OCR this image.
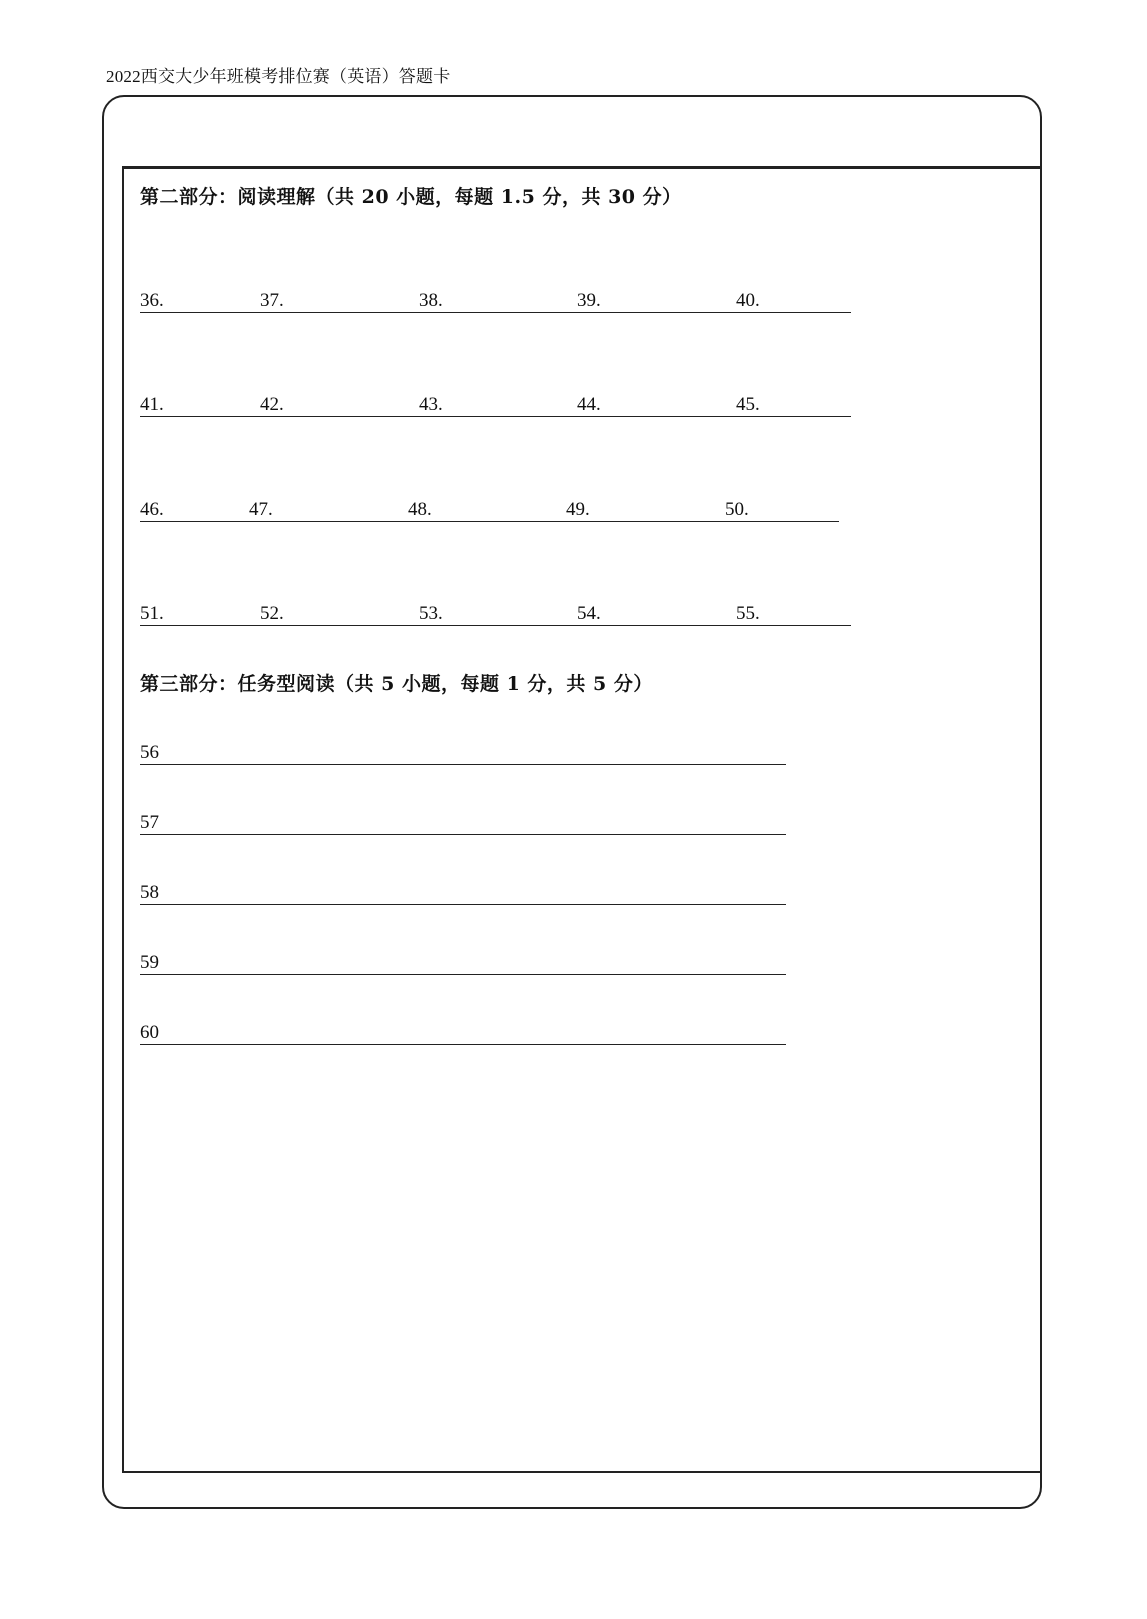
2022西交大少年班模考排位赛（英语）答题卡
第二部分：阅读理解（共 20 小题，每题 1.5 分，共 30 分）
36.	37.	38.	39.	40.
41.	42.	43.	44.	45.
46.	47.	48.	49.	50.
51.	52.	53.	54.	55.
第三部分：任务型阅读（共 5 小题，每题 1 分，共 5 分）
56
57
58
59
60
